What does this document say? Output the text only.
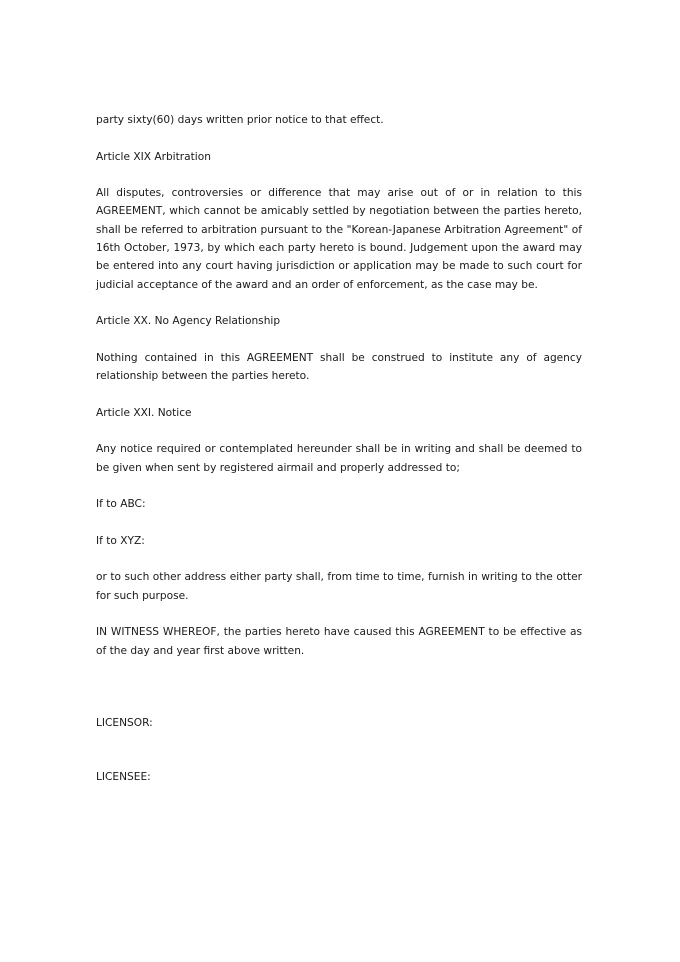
party sixty(60) days written prior notice to that effect.

Article XIX Arbitration

All disputes, controversies or difference that may arise out of or in relation to this AGREEMENT, which cannot be amicably settled by negotiation between the parties hereto, shall be referred to arbitration pursuant to the "Korean-Japanese Arbitration Agreement" of 16th October, 1973, by which each party hereto is bound. Judgement upon the award may be entered into any court having jurisdiction or application may be made to such court for judicial acceptance of the award and an order of enforcement, as the case may be.

Article XX. No Agency Relationship

Nothing contained in this AGREEMENT shall be construed to institute any of agency relationship between the parties hereto.

Article XXⅠ. Notice

Any notice required or contemplated hereunder shall be in writing and shall be deemed to be given when sent by registered airmail and properly addressed to;

If to ABC:

If to XYZ:

or to such other address either party shall, from time to time, furnish in writing to the otter for such purpose.

IN WITNESS WHEREOF, the parties hereto have caused this AGREEMENT to be effective as of the day and year first above written.

LICENSOR:

LICENSEE:
